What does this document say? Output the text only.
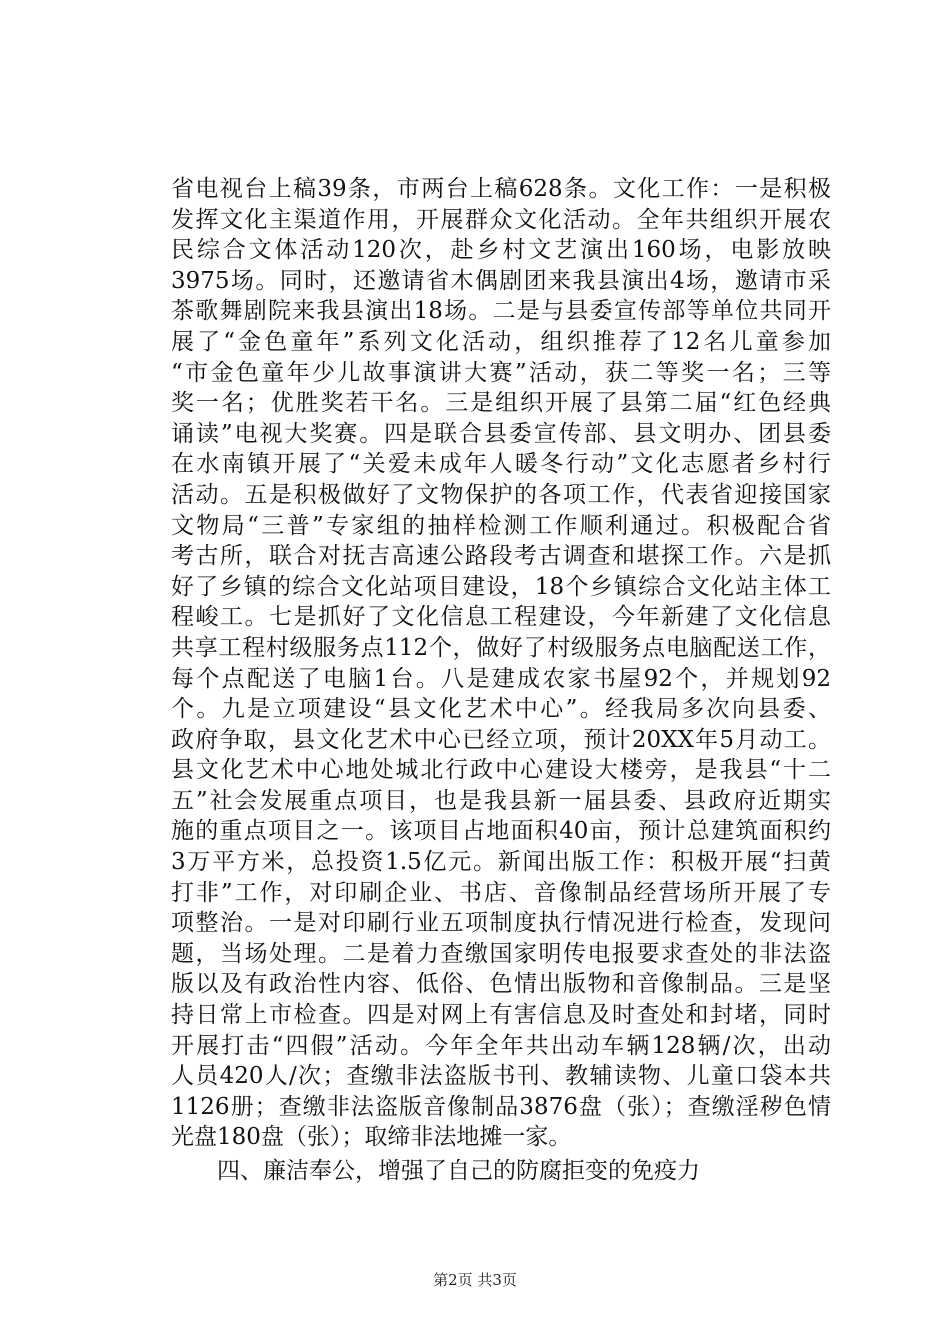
省电视台上稿39条，市两台上稿628条。文化工作：一是积极
发挥文化主渠道作用，开展群众文化活动。全年共组织开展农
民综合文体活动120次，赴乡村文艺演出160场，电影放映
3975场。同时，还邀请省木偶剧团来我县演出4场，邀请市采
茶歌舞剧院来我县演出18场。二是与县委宣传部等单位共同开
展了“金色童年”系列文化活动，组织推荐了12名儿童参加
“市金色童年少儿故事演讲大赛”活动，获二等奖一名；三等
奖一名；优胜奖若干名。三是组织开展了县第二届“红色经典
诵读”电视大奖赛。四是联合县委宣传部、县文明办、团县委
在水南镇开展了“关爱未成年人暖冬行动”文化志愿者乡村行
活动。五是积极做好了文物保护的各项工作，代表省迎接国家
文物局“三普”专家组的抽样检测工作顺利通过。积极配合省
考古所，联合对抚吉高速公路段考古调查和堪探工作。六是抓
好了乡镇的综合文化站项目建设，18个乡镇综合文化站主体工
程峻工。七是抓好了文化信息工程建设，今年新建了文化信息
共享工程村级服务点112个，做好了村级服务点电脑配送工作，
每个点配送了电脑1台。八是建成农家书屋92个，并规划92
个。九是立项建设“县文化艺术中心”。经我局多次向县委、
政府争取，县文化艺术中心已经立项，预计20XX年5月动工。
县文化艺术中心地处城北行政中心建设大楼旁，是我县“十二
五”社会发展重点项目，也是我县新一届县委、县政府近期实
施的重点项目之一。该项目占地面积40亩，预计总建筑面积约
3万平方米，总投资1.5亿元。新闻出版工作：积极开展“扫黄
打非”工作，对印刷企业、书店、音像制品经营场所开展了专
项整治。一是对印刷行业五项制度执行情况进行检查，发现问
题，当场处理。二是着力查缴国家明传电报要求查处的非法盗
版以及有政治性内容、低俗、色情出版物和音像制品。三是坚
持日常上市检查。四是对网上有害信息及时查处和封堵，同时
开展打击“四假”活动。今年全年共出动车辆128辆/次，出动
人员420人/次；查缴非法盗版书刊、教辅读物、儿童口袋本共
1126册；查缴非法盗版音像制品3876盘（张）；查缴淫秽色情
光盘180盘（张）；取缔非法地摊一家。
四、廉洁奉公，增强了自己的防腐拒变的免疫力
第2页 共3页
